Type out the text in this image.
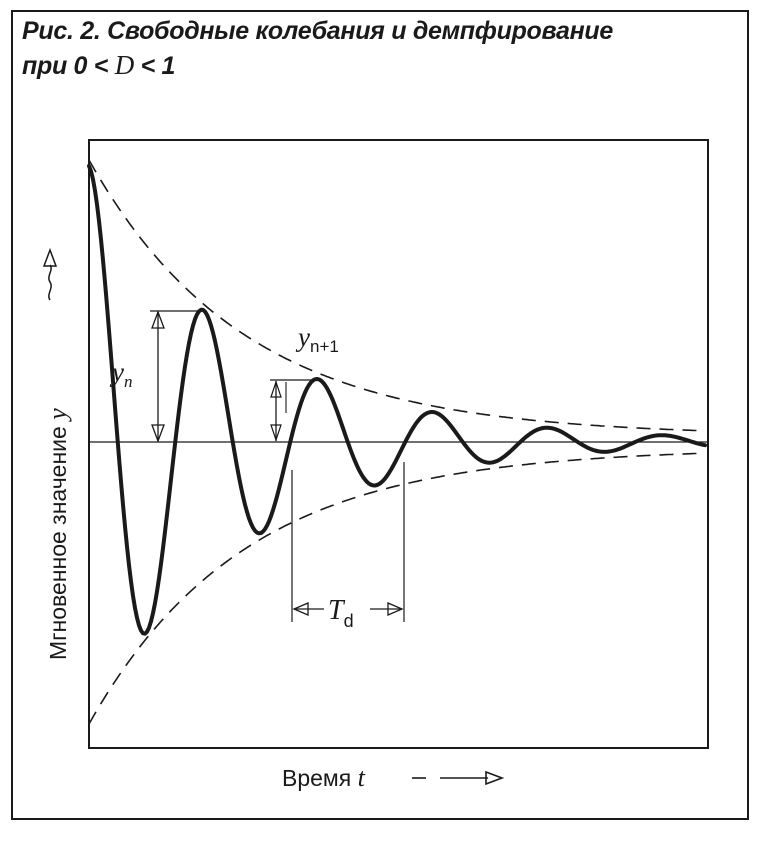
Рис. 2. Свободные колебания и демпфирование
при 0 < D < 1
$y_n$
$y_{n+1}$
$T_d$
Мгновенное значение y
Время t
